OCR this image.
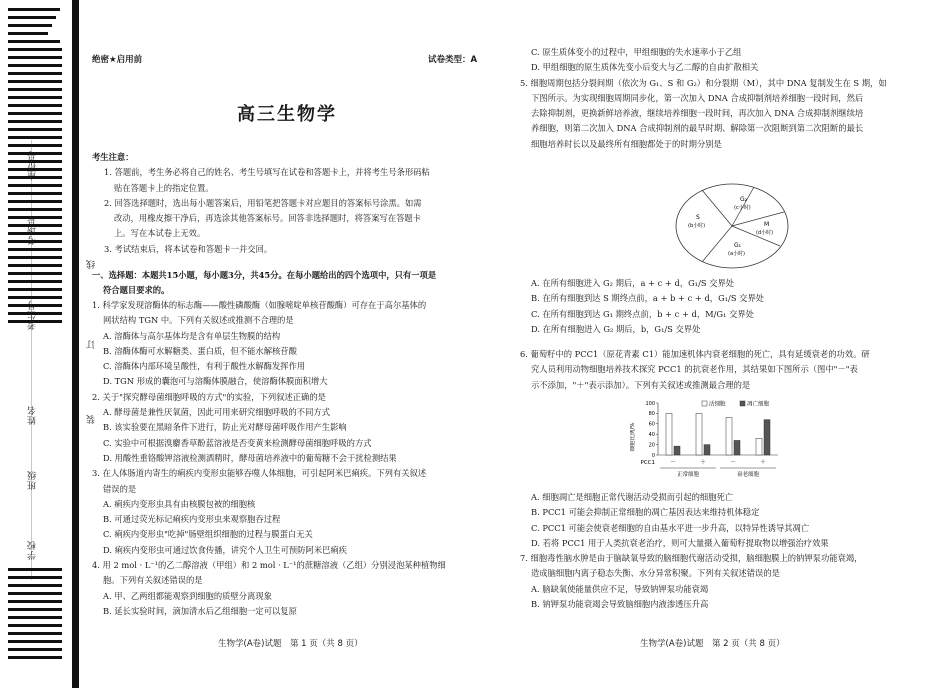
座位号
考场号
考生号
姓名
班级
学校
线
订
装
绝密★启用前	试卷类型：A
高三生物学

考生注意：

1. 答题前，考生务必将自己的姓名、考生号填写在试卷和答题卡上，并将考生号条形码粘

贴在答题卡上的指定位置。

2. 回答选择题时，选出每小题答案后，用铅笔把答题卡对应题目的答案标号涂黑。如需

改动，用橡皮擦干净后，再选涂其他答案标号。回答非选择题时，将答案写在答题卡

上。写在本试卷上无效。

3. 考试结束后，将本试卷和答题卡一并交回。

一、选择题：本题共15小题，每小题3分，共45分。在每小题给出的四个选项中，只有一项是

符合题目要求的。

1. 科学家发现溶酶体的标志酶——酸性磷酸酶（如腺嘧啶单核苷酸酶）可存在于高尔基体的

网状结构 TGN 中。下列有关叙述或推测不合理的是

A. 溶酶体与高尔基体均是含有单层生物膜的结构

B. 溶酶体酶可水解糖类、蛋白质，但不能水解核苷酸

C. 溶酶体内部环境呈酸性，有利于酸性水解酶发挥作用

D. TGN 形成的囊泡可与溶酶体膜融合，使溶酶体膜面积增大

2. 关于"探究酵母菌细胞呼吸的方式"的实验，下列叙述正确的是

A. 酵母菌是兼性厌氧菌，因此可用来研究细胞呼吸的不同方式

B. 该实验要在黑暗条件下进行，防止光对酵母菌呼吸作用产生影响

C. 实验中可根据溴麝香草酚蓝溶液是否变黄来检测酵母菌细胞呼吸的方式

D. 用酸性重铬酸钾溶液检测酒精时，酵母菌培养液中的葡萄糖不会干扰检测结果

3. 在人体肠道内寄生的痢疾内变形虫能够吞噬人体细胞，可引起阿米巴痢疾。下列有关叙述

错误的是

A. 痢疾内变形虫具有由核膜包被的细胞核

B. 可通过荧光标记痢疾内变形虫来观察胞吞过程

C. 痢疾内变形虫"吃掉"肠壁组织细胞的过程与膜蛋白无关

D. 痢疾内变形虫可通过饮食传播，讲究个人卫生可预防阿米巴痢疾

4. 用 2 mol · L⁻¹的乙二醇溶液（甲组）和 2 mol · L⁻¹的蔗糖溶液（乙组）分别浸泡某种植物细

胞。下列有关叙述错误的是

A. 甲、乙两组都能观察到细胞的质壁分离现象

B. 延长实验时间，滴加清水后乙组细胞一定可以复原

C. 原生质体变小的过程中，甲组细胞的失水速率小于乙组

D. 甲组细胞的原生质体先变小后变大与乙二醇的自由扩散相关

5. 细胞周期包括分裂间期（依次为 G₁、S 和 G₂）和分裂期（M），其中 DNA 复制发生在 S 期，如

下图所示。为实现细胞周期同步化，第一次加入 DNA 合成抑制剂培养细胞一段时间，然后

去除抑制剂，更换新鲜培养液，继续培养细胞一段时间，再次加入 DNA 合成抑制剂继续培

养细胞，则第二次加入 DNA 合成抑制剂的最早时期、解除第一次阻断到第二次阻断的最长

细胞培养时长以及最终所有细胞都处于的时期分别是

A. 在所有细胞进入 G₂ 期后，a + c + d，G₁/S 交界处

B. 在所有细胞到达 S 期终点前，a + b + c + d，G₁/S 交界处

C. 在所有细胞到达 G₁ 期终点前，b + c + d，M/G₁ 交界处

D. 在所有细胞进入 G₂ 期后，b，G₁/S 交界处

6. 葡萄籽中的 PCC1（原花青素 C1）能加速机体内衰老细胞的死亡，具有延缓衰老的功效。研

究人员利用动物细胞培养技术探究 PCC1 的抗衰老作用，其结果如下图所示（图中"－"表

示不添加，"＋"表示添加）。下列有关叙述或推测最合理的是

A. 细胞凋亡是细胞正常代谢活动受损而引起的细胞死亡

B. PCC1 可能会抑制正常细胞的凋亡基因表达来维持机体稳定

C. PCC1 可能会使衰老细胞的自由基水平进一步升高，以特异性诱导其凋亡

D. 若将 PCC1 用于人类抗衰老治疗，则可大量摄入葡萄籽提取物以增强治疗效果

7. 细胞毒性脑水肿是由于脑缺氧导致的脑细胞代谢活动受损，脑细胞膜上的钠钾泵功能衰竭，

造成脑细胞内离子稳态失衡、水分异常积聚。下列有关叙述错误的是

A. 脑缺氧使能量供应不足，导致钠钾泵功能衰竭

B. 钠钾泵功能衰竭会导致脑细胞内液渗透压升高

G₂
(c小时)
S
(b小时)	M
(d小时)
G₁
(a小时)
细胞比例/%
0
20
40
60
80
100	活细胞	凋亡细胞
－	＋	－	＋
PCC1
正常细胞	衰老细胞
生物学(A卷)试题　第 1 页（共 8 页）	生物学(A卷)试题　第 2 页（共 8 页）
